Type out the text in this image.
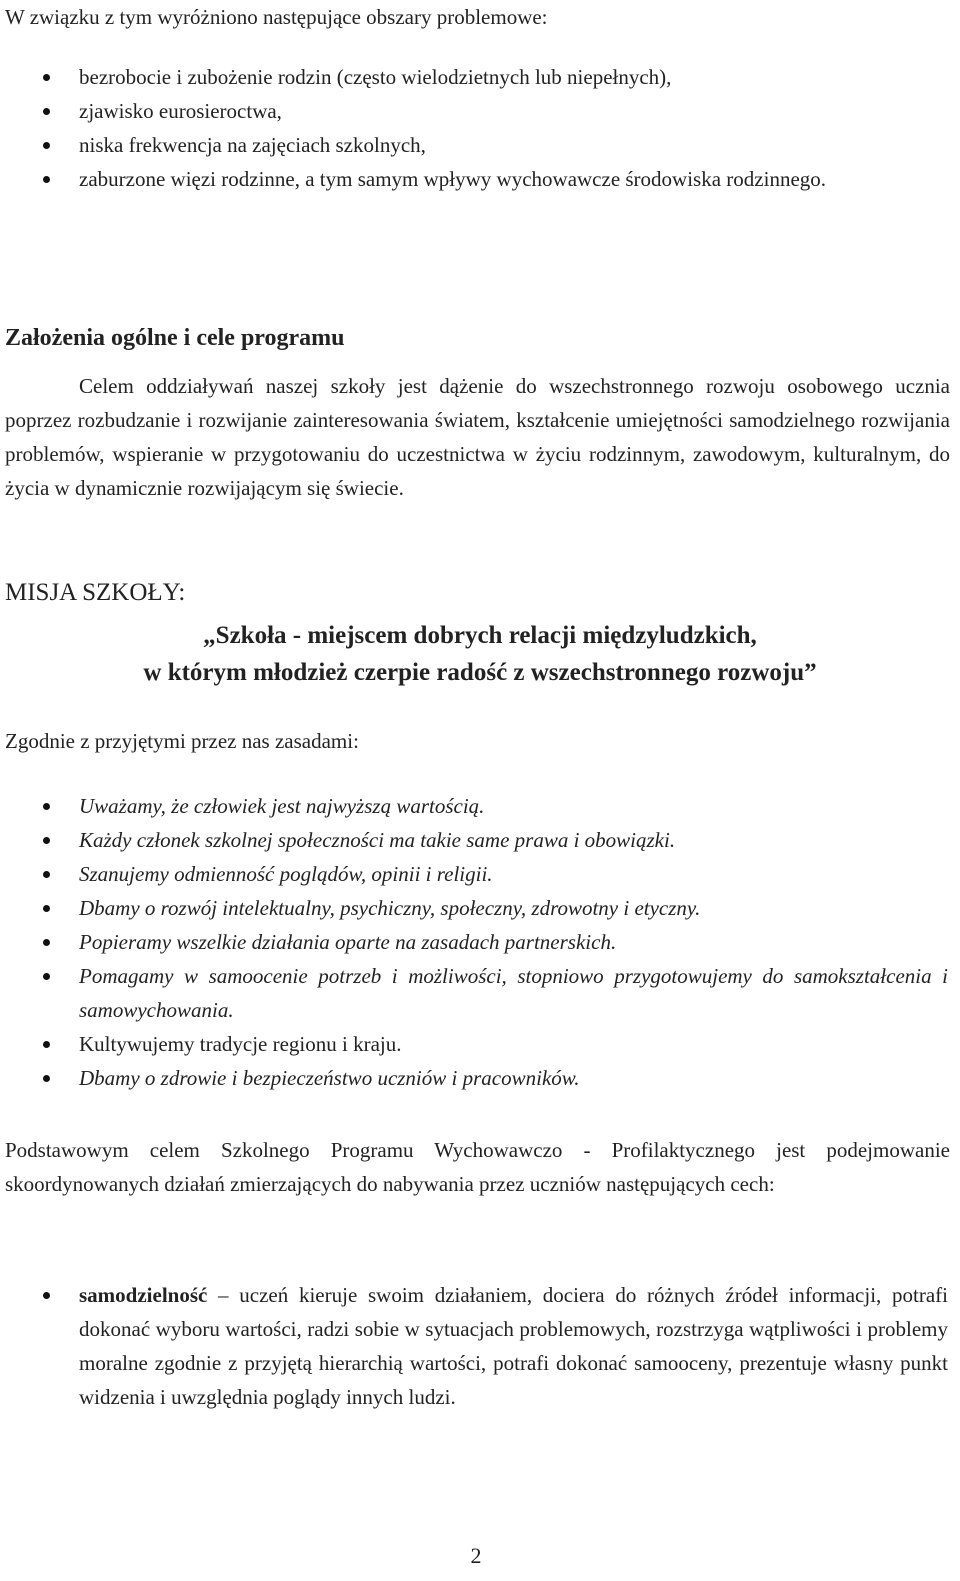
W związku z tym wyróżniono następujące obszary problemowe:

bezrobocie i zubożenie rodzin (często wielodzietnych lub niepełnych),
zjawisko eurosieroctwa,
niska frekwencja na zajęciach szkolnych,
zaburzone więzi rodzinne, a tym samym wpływy wychowawcze środowiska rodzinnego.
Założenia ogólne i cele programu

Celem oddziaływań naszej szkoły jest dążenie do wszechstronnego rozwoju osobowego ucznia poprzez rozbudzanie i rozwijanie zainteresowania światem, kształcenie umiejętności samodzielnego rozwijania problemów, wspieranie w przygotowaniu do uczestnictwa w życiu rodzinnym, zawodowym, kulturalnym, do życia w dynamicznie rozwijającym się świecie.

MISJA SZKOŁY:
„Szkoła - miejscem dobrych relacji międzyludzkich,
w którym młodzież czerpie radość z wszechstronnego rozwoju”

Zgodnie z przyjętymi przez nas zasadami:

Uważamy, że człowiek jest najwyższą wartością.
Każdy członek szkolnej społeczności ma takie same prawa i obowiązki.
Szanujemy odmienność poglądów, opinii i religii.
Dbamy o rozwój intelektualny, psychiczny, społeczny, zdrowotny i etyczny.
Popieramy wszelkie działania oparte na zasadach partnerskich.
Pomagamy w samoocenie potrzeb i możliwości, stopniowo przygotowujemy do samokształcenia i samowychowania.
Kultywujemy tradycje regionu i kraju.
Dbamy o zdrowie i bezpieczeństwo uczniów i pracowników.

Podstawowym celem Szkolnego Programu Wychowawczo - Profilaktycznego jest podejmowanie skoordynowanych działań zmierzających do nabywania przez uczniów następujących cech:

samodzielność – uczeń kieruje swoim działaniem, dociera do różnych źródeł informacji, potrafi dokonać wyboru wartości, radzi sobie w sytuacjach problemowych, rozstrzyga wątpliwości i problemy moralne zgodnie z przyjętą hierarchią wartości, potrafi dokonać samooceny, prezentuje własny punkt widzenia i uwzględnia poglądy innych ludzi.
2
